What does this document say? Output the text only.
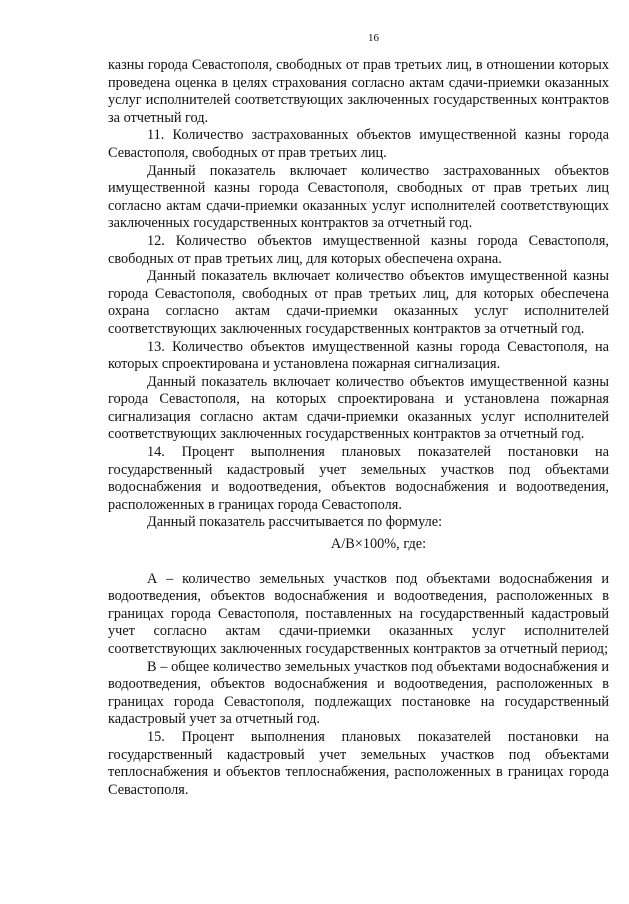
16

казны города Севастополя, свободных от прав третьих лиц, в отношении которых проведена оценка в целях страхования согласно актам сдачи-приемки оказанных услуг исполнителей соответствующих заключенных государственных контрактов за отчетный год.

11. Количество застрахованных объектов имущественной казны города Севастополя, свободных от прав третьих лиц.

Данный показатель включает количество застрахованных объектов имущественной казны города Севастополя, свободных от прав третьих лиц согласно актам сдачи-приемки оказанных услуг исполнителей соответствующих заключенных государственных контрактов за отчетный год.

12. Количество объектов имущественной казны города Севастополя, свободных от прав третьих лиц, для которых обеспечена охрана.

Данный показатель включает количество объектов имущественной казны города Севастополя, свободных от прав третьих лиц, для которых обеспечена охрана согласно актам сдачи-приемки оказанных услуг исполнителей соответствующих заключенных государственных контрактов за отчетный год.

13. Количество объектов имущественной казны города Севастополя, на которых спроектирована и установлена пожарная сигнализация.

Данный показатель включает количество объектов имущественной казны города Севастополя, на которых спроектирована и установлена пожарная сигнализация согласно актам сдачи-приемки оказанных услуг исполнителей соответствующих заключенных государственных контрактов за отчетный год.

14. Процент выполнения плановых показателей постановки на государственный кадастровый учет земельных участков под объектами водоснабжения и водоотведения, объектов водоснабжения и водоотведения, расположенных в границах города Севастополя.

Данный показатель рассчитывается по формуле:

А/В×100%, где:

А – количество земельных участков под объектами водоснабжения и водоотведения, объектов водоснабжения и водоотведения, расположенных в границах города Севастополя, поставленных на государственный кадастровый учет согласно актам сдачи-приемки оказанных услуг исполнителей соответствующих заключенных государственных контрактов за отчетный период;

В – общее количество земельных участков под объектами водоснабжения и водоотведения, объектов водоснабжения и водоотведения, расположенных в границах города Севастополя, подлежащих постановке на государственный кадастровый учет за отчетный год.

15. Процент выполнения плановых показателей постановки на государственный кадастровый учет земельных участков под объектами теплоснабжения и объектов теплоснабжения, расположенных в границах города Севастополя.
